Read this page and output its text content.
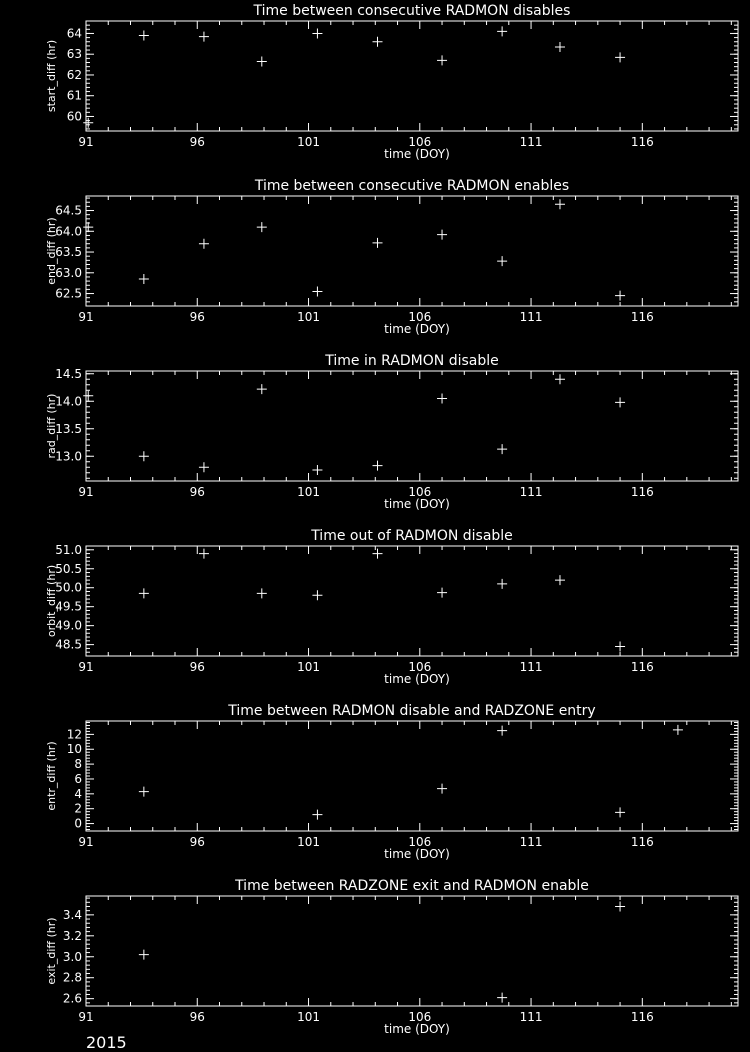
Time between consecutive RADMON disables
91	96	101	106	111	116
60
61
62
63
64
time (DOY)
start_diff (hr)
Time between consecutive RADMON enables
91	96	101	106	111	116
62.5
63.0
63.5
64.0
64.5
time (DOY)
end_diff (hr)
Time in RADMON disable
91	96	101	106	111	116
13.0
13.5
14.0
14.5
time (DOY)
rad_diff (hr)
Time out of RADMON disable
91	96	101	106	111	116
48.5
49.0
49.5
50.0
50.5
51.0
time (DOY)
orbit_diff (hr)
Time between RADMON disable and RADZONE entry
91	96	101	106	111	116
0
2
4
6
8
10
12
time (DOY)
entr_diff (hr)
Time between RADZONE exit and RADMON enable
91	96	101	106	111	116
2.6
2.8
3.0
3.2
3.4
time (DOY)
exit_diff (hr)
2015
